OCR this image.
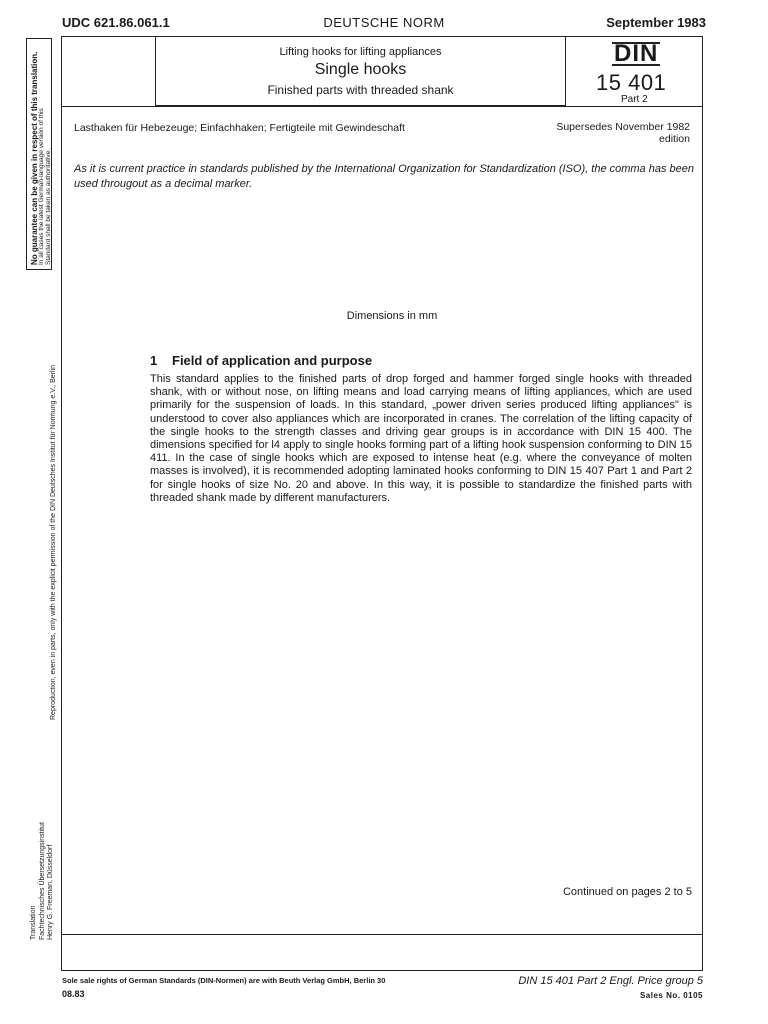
UDC 621.86.061.1	DEUTSCHE NORM	September 1983
Lifting hooks for lifting appliances
Single hooks
Finished parts with threaded shank
DIN
15 401
Part 2
Lasthaken für Hebezeuge; Einfachhaken; Fertigteile mit Gewindeschaft	Supersedes November 1982
edition
As it is current practice in standards published by the International Organization for Standardization (ISO), the comma has been used througout as a decimal marker.
Dimensions in mm
1 Field of application and purpose
This standard applies to the finished parts of drop forged and hammer forged single hooks with threaded shank, with or without nose, on lifting means and load carrying means of lifting appliances, which are used primarily for the suspension of loads. In this standard, „power driven series produced lifting appliances" is understood to cover also appliances which are incorporated in cranes. The correlation of the lifting capacity of the single hooks to the strength classes and driving gear groups is in accordance with DIN 15 400. The dimensions specified for l4 apply to single hooks forming part of a lifting hook suspension conforming to DIN 15 411. In the case of single hooks which are exposed to intense heat (e.g. where the conveyance of molten masses is involved), it is recommended adopting laminated hooks conforming to DIN 15 407 Part 1 and Part 2 for single hooks of size No. 20 and above. In this way, it is possible to standardize the finished parts with threaded shank made by different manufacturers.
Continued on pages 2 to 5
Sole sale rights of German Standards (DIN-Normen) are with Beuth Verlag GmbH, Berlin 30
08.83
DIN 15 401 Part 2 Engl. Price group 5
Sales No. 0105
No guarantee can be given in respect of this translation. In all cases the latest German-language version of this Standard shall be taken as authoritative.
Reproduction, even in parts, only with the explicit permission of the DIN Deutsches Institut für Normung e.V., Berlin
Translation Fachtechnisches Übersetzungsinstitut Henry G. Freeman, Düsseldorf
